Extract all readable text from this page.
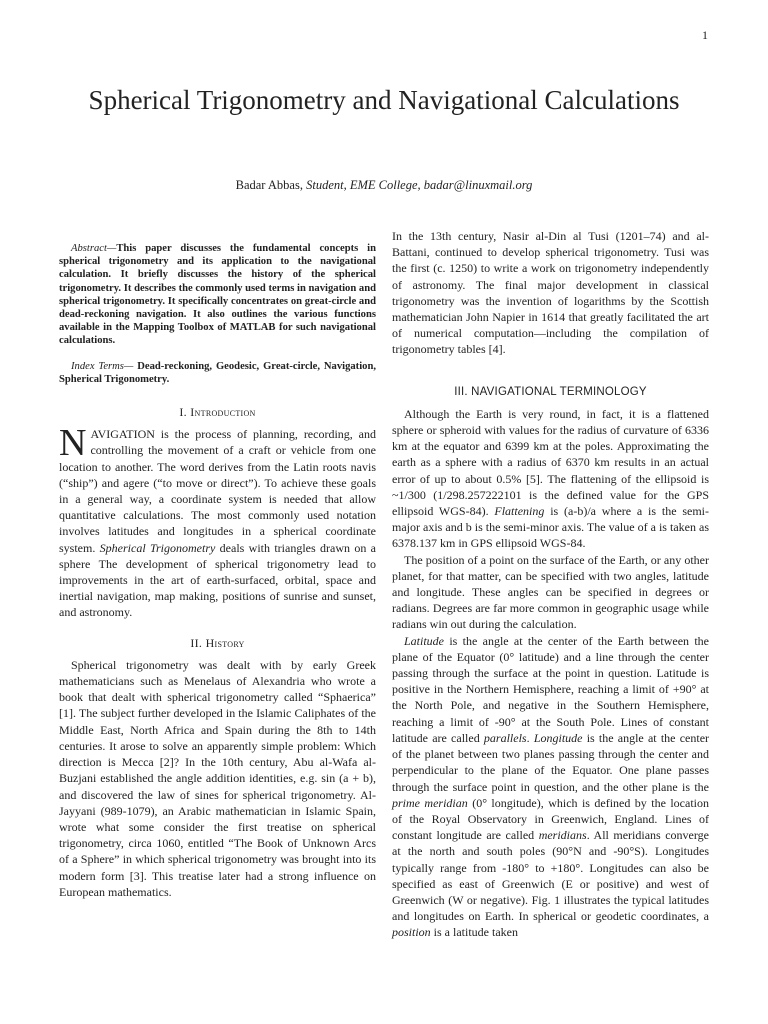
1
Spherical Trigonometry and Navigational Calculations
Badar Abbas, Student, EME College, badar@linuxmail.org
Abstract—This paper discusses the fundamental concepts in spherical trigonometry and its application to the navigational calculation. It briefly discusses the history of the spherical trigonometry. It describes the commonly used terms in navigation and spherical trigonometry. It specifically concentrates on great-circle and dead-reckoning navigation. It also outlines the various functions available in the Mapping Toolbox of MATLAB for such navigational calculations.
Index Terms— Dead-reckoning, Geodesic, Great-circle, Navigation, Spherical Trigonometry.
I. Introduction

NAVIGATION is the process of planning, recording, and controlling the movement of a craft or vehicle from one location to another. The word derives from the Latin roots navis (“ship”) and agere (“to move or direct”). To achieve these goals in a general way, a coordinate system is needed that allow quantitative calculations. The most commonly used notation involves latitudes and longitudes in a spherical coordinate system. Spherical Trigonometry deals with triangles drawn on a sphere The development of spherical trigonometry lead to improvements in the art of earth-surfaced, orbital, space and inertial navigation, map making, positions of sunrise and sunset, and astronomy.

II. History

Spherical trigonometry was dealt with by early Greek mathematicians such as Menelaus of Alexandria who wrote a book that dealt with spherical trigonometry called “Sphaerica” [1]. The subject further developed in the Islamic Caliphates of the Middle East, North Africa and Spain during the 8th to 14th centuries. It arose to solve an apparently simple problem: Which direction is Mecca [2]? In the 10th century, Abu al-Wafa al-Buzjani established the angle addition identities, e.g. sin (a + b), and discovered the law of sines for spherical trigonometry. Al-Jayyani (989-1079), an Arabic mathematician in Islamic Spain, wrote what some consider the first treatise on spherical trigonometry, circa 1060, entitled “The Book of Unknown Arcs of a Sphere” in which spherical trigonometry was brought into its modern form [3]. This treatise later had a strong influence on European mathematics.

In the 13th century, Nasir al-Din al Tusi (1201–74) and al-Battani, continued to develop spherical trigonometry. Tusi was the first (c. 1250) to write a work on trigonometry independently of astronomy. The final major development in classical trigonometry was the invention of logarithms by the Scottish mathematician John Napier in 1614 that greatly facilitated the art of numerical computation—including the compilation of trigonometry tables [4].

III. NAVIGATIONAL TERMINOLOGY

Although the Earth is very round, in fact, it is a flattened sphere or spheroid with values for the radius of curvature of 6336 km at the equator and 6399 km at the poles. Approximating the earth as a sphere with a radius of 6370 km results in an actual error of up to about 0.5% [5]. The flattening of the ellipsoid is ~1/300 (1/298.257222101 is the defined value for the GPS ellipsoid WGS-84). Flattening is (a-b)/a where a is the semi-major axis and b is the semi-minor axis. The value of a is taken as 6378.137 km in GPS ellipsoid WGS-84.

The position of a point on the surface of the Earth, or any other planet, for that matter, can be specified with two angles, latitude and longitude. These angles can be specified in degrees or radians. Degrees are far more common in geographic usage while radians win out during the calculation.

Latitude is the angle at the center of the Earth between the plane of the Equator (0° latitude) and a line through the center passing through the surface at the point in question. Latitude is positive in the Northern Hemisphere, reaching a limit of +90° at the North Pole, and negative in the Southern Hemisphere, reaching a limit of -90° at the South Pole. Lines of constant latitude are called parallels. Longitude is the angle at the center of the planet between two planes passing through the center and perpendicular to the plane of the Equator. One plane passes through the surface point in question, and the other plane is the prime meridian (0° longitude), which is defined by the location of the Royal Observatory in Greenwich, England. Lines of constant longitude are called meridians. All meridians converge at the north and south poles (90°N and -90°S). Longitudes typically range from -180° to +180°. Longitudes can also be specified as east of Greenwich (E or positive) and west of Greenwich (W or negative). Fig. 1 illustrates the typical latitudes and longitudes on Earth. In spherical or geodetic coordinates, a position is a latitude taken
